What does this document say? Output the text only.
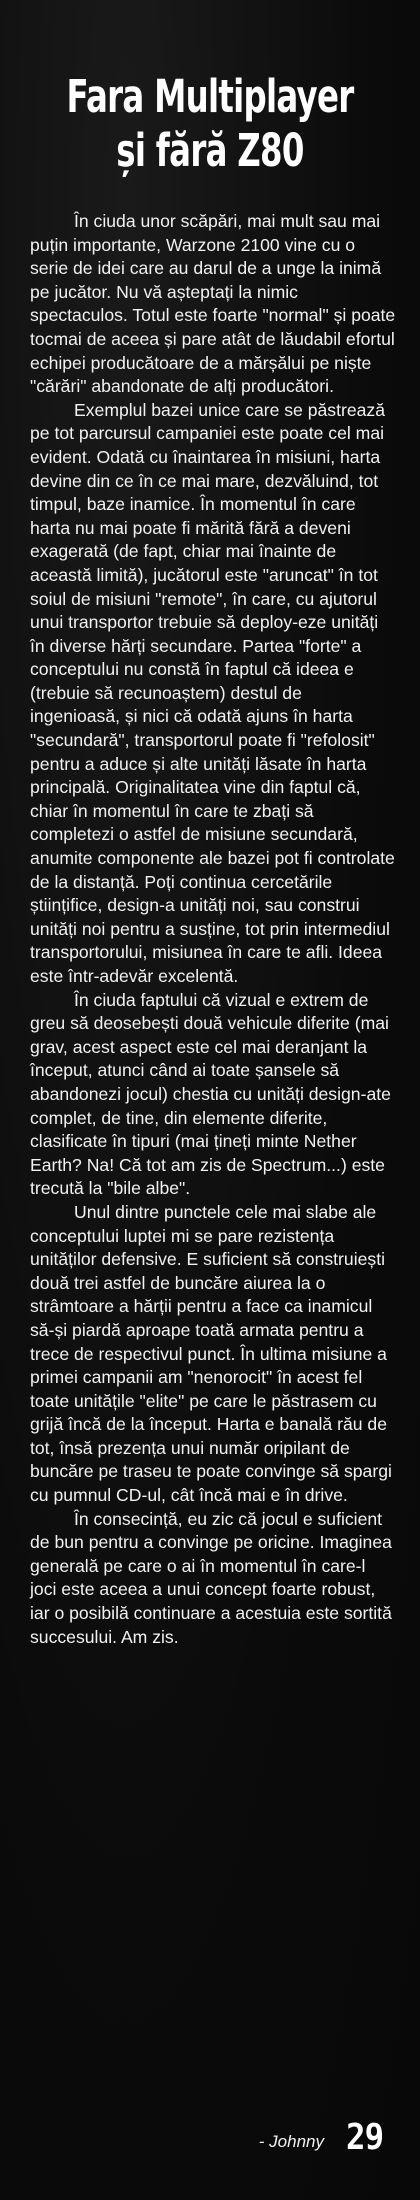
Fara Multiplayer
și fără Z80

În ciuda unor scăpări, mai mult sau mai puțin importante, Warzone 2100 vine cu o serie de idei care au darul de a unge la inimă pe jucător. Nu vă așteptați la nimic spectaculos. Totul este foarte "normal" și poate tocmai de aceea și pare atât de lăudabil efortul echipei producătoare de a mărșălui pe niște "cărări" abandonate de alți producători.

Exemplul bazei unice care se păstrează pe tot parcursul campaniei este poate cel mai evident. Odată cu înaintarea în misiuni, harta devine din ce în ce mai mare, dezvăluind, tot timpul, baze inamice. În momentul în care harta nu mai poate fi mărită fără a deveni exagerată (de fapt, chiar mai înainte de această limită), jucătorul este "aruncat" în tot soiul de misiuni "remote", în care, cu ajutorul unui transportor trebuie să deploy-eze unități în diverse hărți secundare. Partea "forte" a conceptului nu constă în faptul că ideea e (trebuie să recunoaștem) destul de ingenioasă, și nici că odată ajuns în harta "secundară", transportorul poate fi "refolosit" pentru a aduce și alte unități lăsate în harta principală. Originalitatea vine din faptul că, chiar în momentul în care te zbați să completezi o astfel de misiune secundară, anumite componente ale bazei pot fi controlate de la distanță. Poți continua cercetările științifice, design-a unități noi, sau construi unități noi pentru a susține, tot prin intermediul transportorului, misiunea în care te afli. Ideea este într-adevăr excelentă.

În ciuda faptului că vizual e extrem de greu să deosebești două vehicule diferite (mai grav, acest aspect este cel mai deranjant la început, atunci când ai toate șansele să abandonezi jocul) chestia cu unități design-ate complet, de tine, din elemente diferite, clasificate în tipuri (mai țineți minte Nether Earth? Na! Că tot am zis de Spectrum...) este trecută la "bile albe".

Unul dintre punctele cele mai slabe ale conceptului luptei mi se pare rezistența unităților defensive. E suficient să construiești două trei astfel de buncăre aiurea la o strâmtoare a hărții pentru a face ca inamicul să-și piardă aproape toată armata pentru a trece de respectivul punct. În ultima misiune a primei campanii am "nenorocit" în acest fel toate unitățile "elite" pe care le păstrasem cu grijă încă de la început. Harta e banală rău de tot, însă prezența unui număr oripilant de buncăre pe traseu te poate convinge să spargi cu pumnul CD-ul, cât încă mai e în drive.

În consecință, eu zic că jocul e suficient de bun pentru a convinge pe oricine. Imaginea generală pe care o ai în momentul în care-l joci este aceea a unui concept foarte robust, iar o posibilă continuare a acestuia este sortită succesului. Am zis.

- Johnny 29
